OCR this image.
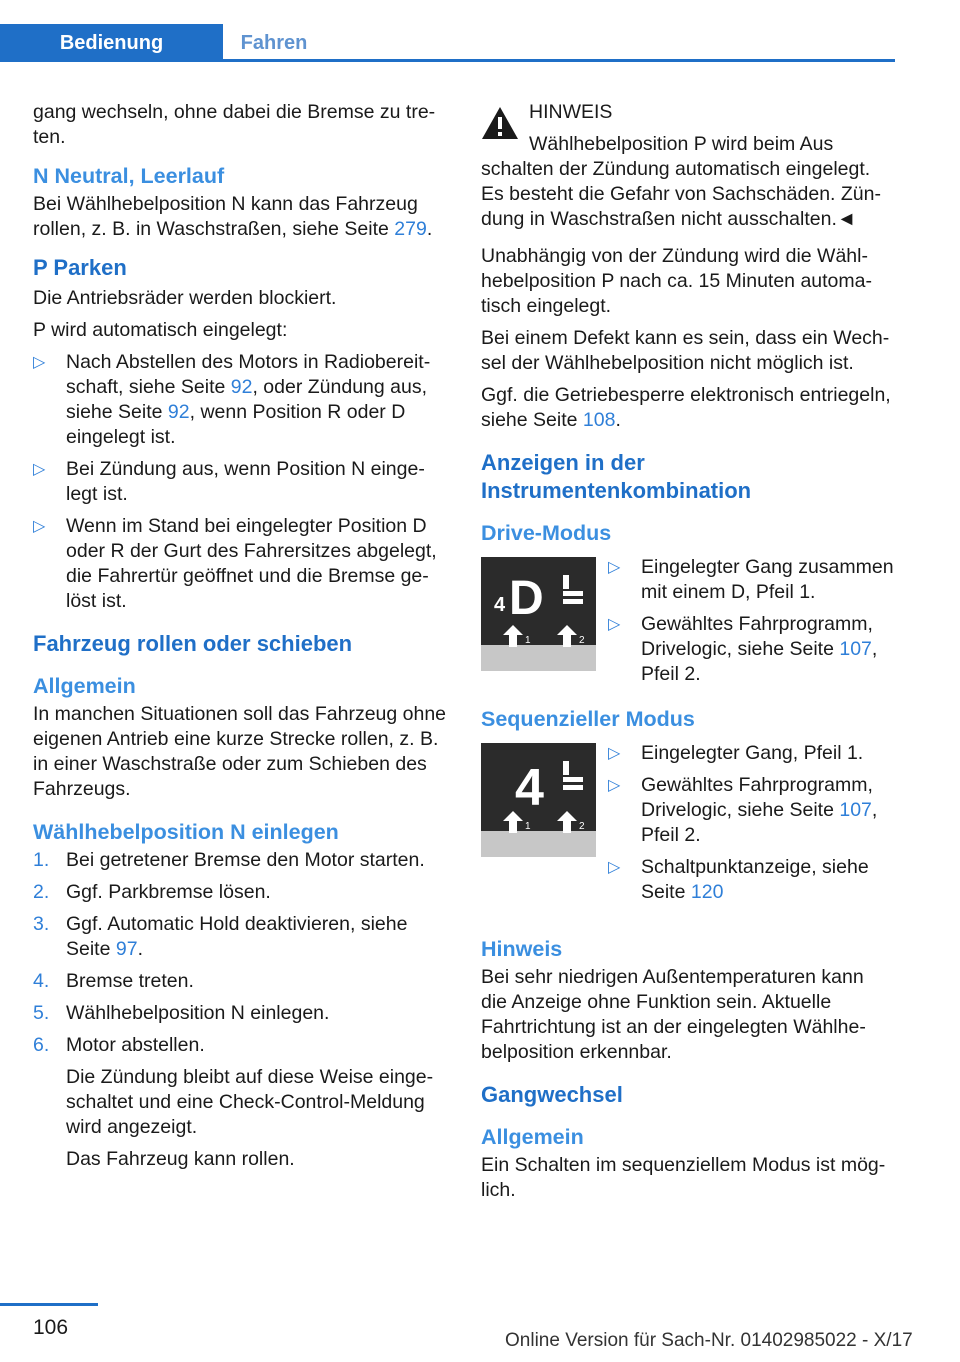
Bedienung	Fahren

gang wechseln, ohne dabei die Bremse zu treten.

N Neutral, Leerlauf

Bei Wählhebelposition N kann das Fahrzeug rollen, z. B. in Waschstraßen, siehe Seite 279.

P Parken

Die Antriebsräder werden blockiert.

P wird automatisch eingelegt:

▷ Nach Abstellen des Motors in Radiobereitschaft, siehe Seite 92, oder Zündung aus, siehe Seite 92, wenn Position R oder D eingelegt ist.
▷ Bei Zündung aus, wenn Position N eingelegt ist.
▷ Wenn im Stand bei eingelegter Position D oder R der Gurt des Fahrersitzes abgelegt, die Fahrertür geöffnet und die Bremse gelöst ist.
Fahrzeug rollen oder schieben
Allgemein

In manchen Situationen soll das Fahrzeug ohne eigenen Antrieb eine kurze Strecke rollen, z. B. in einer Waschstraße oder zum Schieben des Fahrzeugs.

Wählhebelposition N einlegen
1. Bei getretener Bremse den Motor starten.
2. Ggf. Parkbremse lösen.
3. Ggf. Automatic Hold deaktivieren, siehe Seite 97.
4. Bremse treten.
5. Wählhebelposition N einlegen.
6. Motor abstellen.

Die Zündung bleibt auf diese Weise eingeschaltet und eine Check-Control-Meldung wird angezeigt.

Das Fahrzeug kann rollen.

HINWEIS
Wählhebelposition P wird beim Aus
schalten der Zündung automatisch eingelegt. Es besteht die Gefahr von Sachschäden. Zündung in Waschstraßen nicht ausschalten.◄

Unabhängig von der Zündung wird die Wählhebelposition P nach ca. 15 Minuten automatisch eingelegt.

Bei einem Defekt kann es sein, dass ein Wechsel der Wählhebelposition nicht möglich ist.

Ggf. die Getriebesperre elektronisch entriegeln, siehe Seite 108.

Anzeigen in der Instrumentenkombination
Drive-Modus
4 D
1	2
▷ Eingelegter Gang zusammen mit einem D, Pfeil 1.
▷ Gewähltes Fahrprogramm, Drivelogic, siehe Seite 107, Pfeil 2.
Sequenzieller Modus
4
1	2
▷ Eingelegter Gang, Pfeil 1.
▷ Gewähltes Fahrprogramm, Drivelogic, siehe Seite 107, Pfeil 2.
▷ Schaltpunktanzeige, siehe Seite 120
Hinweis

Bei sehr niedrigen Außentemperaturen kann die Anzeige ohne Funktion sein. Aktuelle Fahrtrichtung ist an der eingelegten Wählhebelposition erkennbar.

Gangwechsel
Allgemein

Ein Schalten im sequenziellem Modus ist möglich.

106
Online Version für Sach-Nr. 01402985022 - X/17
